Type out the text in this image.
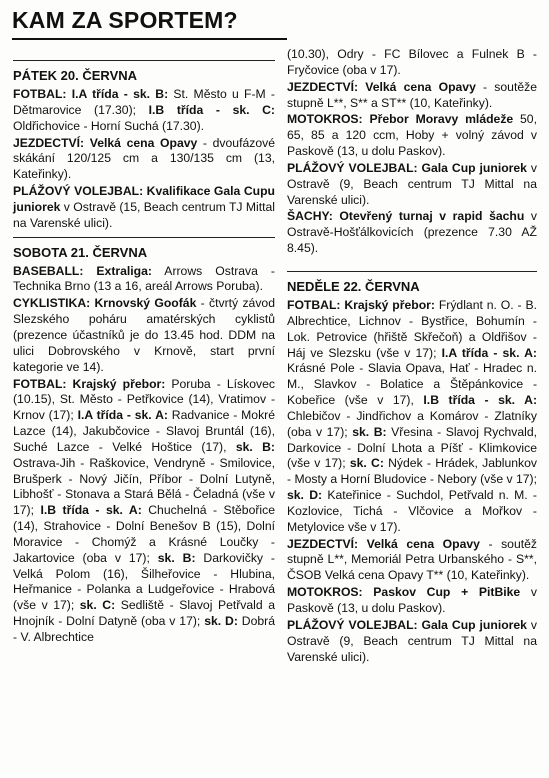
KAM ZA SPORTEM?
PÁTEK 20. ČERVNA

FOTBAL: I.A třída - sk. B: St. Město u F-M - Dětmarovice (17.30); I.B třída - sk. C: Oldřichovice - Horní Suchá (17.30).

JEZDECTVÍ: Velká cena Opavy - dvoufázové skákání 120/125 cm a 130/135 cm (13, Kateřinky).

PLÁŽOVÝ VOLEJBAL: Kvalifikace Gala Cupu juniorek v Ostravě (15, Beach centrum TJ Mittal na Varenské ulici).

SOBOTA 21. ČERVNA

BASEBALL: Extraliga: Arrows Ostrava - Technika Brno (13 a 16, areál Arrows Poruba).

CYKLISTIKA: Krnovský Goofák - čtvrtý závod Slezského poháru amatérských cyklistů (prezence účastníků je do 13.45 hod. DDM na ulici Dobrovského v Krnově, start první kategorie ve 14).

FOTBAL: Krajský přebor: Poruba - Lískovec (10.15), St. Město - Petřkovice (14), Vratimov - Krnov (17); I.A třída - sk. A: Radvanice - Mokré Lazce (14), Jakubčovice - Slavoj Bruntál (16), Suché Lazce - Velké Hoštice (17), sk. B: Ostrava-Jih - Raškovice, Vendryně - Smilovice, Brušperk - Nový Jičín, Příbor - Dolní Lutyně, Libhošť - Stonava a Stará Bělá - Čeladná (vše v 17); I.B třída - sk. A: Chuchelná - Stěbořice (14), Strahovice - Dolní Benešov B (15), Dolní Moravice - Chomýž a Krásné Loučky - Jakartovice (oba v 17); sk. B: Darkovičky - Velká Polom (16), Šilheřovice - Hlubina, Heřmanice - Polanka a Ludgeřovice - Hrabová (vše v 17); sk. C: Sedliště - Slavoj Petřvald a Hnojník - Dolní Datyně (oba v 17); sk. D: Dobrá - V. Albrechtice

(10.30), Odry - FC Bílovec a Fulnek B - Fryčovice (oba v 17).

JEZDECTVÍ: Velká cena Opavy - soutěže stupně L**, S** a ST** (10, Kateřinky).

MOTOKROS: Přebor Moravy mládeže 50, 65, 85 a 120 ccm, Hoby + volný závod v Paskově (13, u dolu Paskov).

PLÁŽOVÝ VOLEJBAL: Gala Cup juniorek v Ostravě (9, Beach centrum TJ Mittal na Varenské ulici).

ŠACHY: Otevřený turnaj v rapid šachu v Ostravě-Hošťálkovicích (prezence 7.30 AŽ 8.45).

NEDĚLE 22. ČERVNA

FOTBAL: Krajský přebor: Frýdlant n. O. - B. Albrechtice, Lichnov - Bystřice, Bohumín - Lok. Petrovice (hřiště Skřečoň) a Oldřišov - Háj ve Slezsku (vše v 17); I.A třída - sk. A: Krásné Pole - Slavia Opava, Hať - Hradec n. M., Slavkov - Bolatice a Štěpánkovice - Kobeřice (vše v 17), I.B třída - sk. A: Chlebičov - Jindřichov a Komárov - Zlatníky (oba v 17); sk. B: Vřesina - Slavoj Rychvald, Darkovice - Dolní Lhota a Píšť - Klimkovice (vše v 17); sk. C: Nýdek - Hrádek, Jablunkov - Mosty a Horní Bludovice - Nebory (vše v 17); sk. D: Kateřinice - Suchdol, Petřvald n. M. - Kozlovice, Tichá - Vlčovice a Mořkov - Metylovice vše v 17).

JEZDECTVÍ: Velká cena Opavy - soutěž stupně L**, Memoriál Petra Urbanského - S**, ČSOB Velká cena Opavy T** (10, Kateřinky).

MOTOKROS: Paskov Cup + PitBike v Paskově (13, u dolu Paskov).

PLÁŽOVÝ VOLEJBAL: Gala Cup juniorek v Ostravě (9, Beach centrum TJ Mittal na Varenské ulici).
